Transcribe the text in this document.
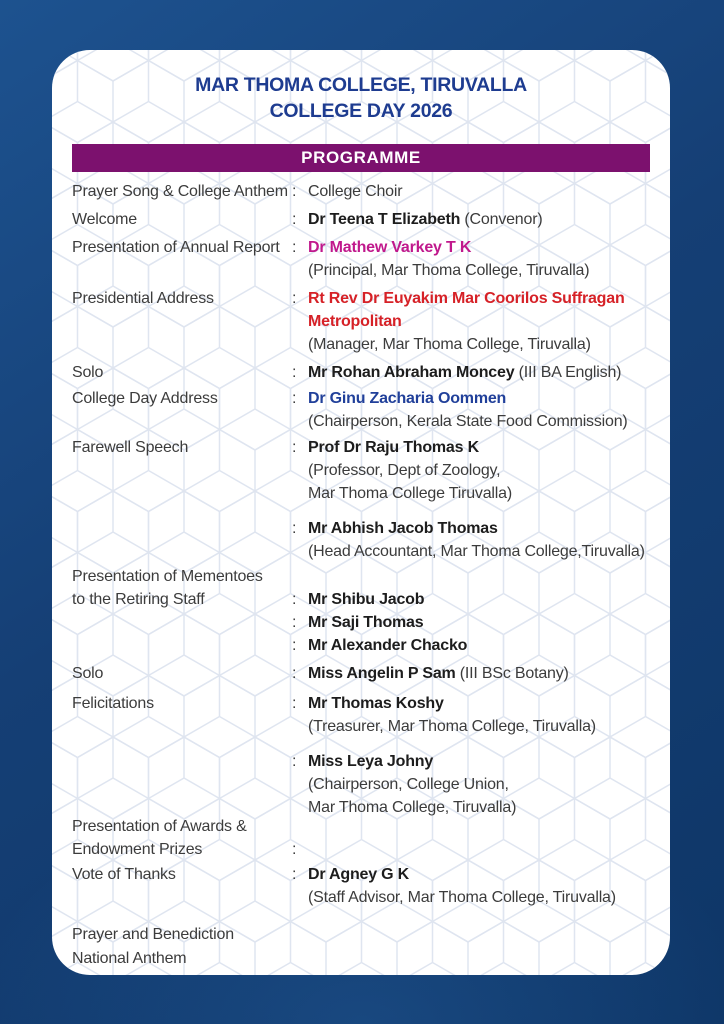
MAR THOMA COLLEGE, TIRUVALLA
COLLEGE DAY 2026
PROGRAMME
Prayer Song & College Anthem : College Choir
Welcome	: Dr Teena T Elizabeth (Convenor)
Presentation of Annual Report : Dr Mathew Varkey T K
(Principal, Mar Thoma College, Tiruvalla)
Presidential Address	: Rt Rev Dr Euyakim Mar Coorilos Suffragan
Metropolitan
(Manager, Mar Thoma College, Tiruvalla)
Solo	: Mr Rohan Abraham Moncey (III BA English)
College Day Address	: Dr Ginu Zacharia Oommen
(Chairperson, Kerala State Food Commission)
Farewell Speech	: Prof Dr Raju Thomas K
(Professor, Dept of Zoology,
Mar Thoma College Tiruvalla)
: Mr Abhish Jacob Thomas
(Head Accountant, Mar Thoma College,Tiruvalla)
Presentation of Mementoes
to the Retiring Staff	: Mr Shibu Jacob
: Mr Saji Thomas
: Mr Alexander Chacko
Solo	: Miss Angelin P Sam (III BSc Botany)
Felicitations	: Mr Thomas Koshy
(Treasurer, Mar Thoma College, Tiruvalla)
: Miss Leya Johny
(Chairperson, College Union,
Mar Thoma College, Tiruvalla)
Presentation of Awards &
Endowment Prizes	:
Vote of Thanks	: Dr Agney G K
(Staff Advisor, Mar Thoma College, Tiruvalla)
Prayer and Benediction
National Anthem
